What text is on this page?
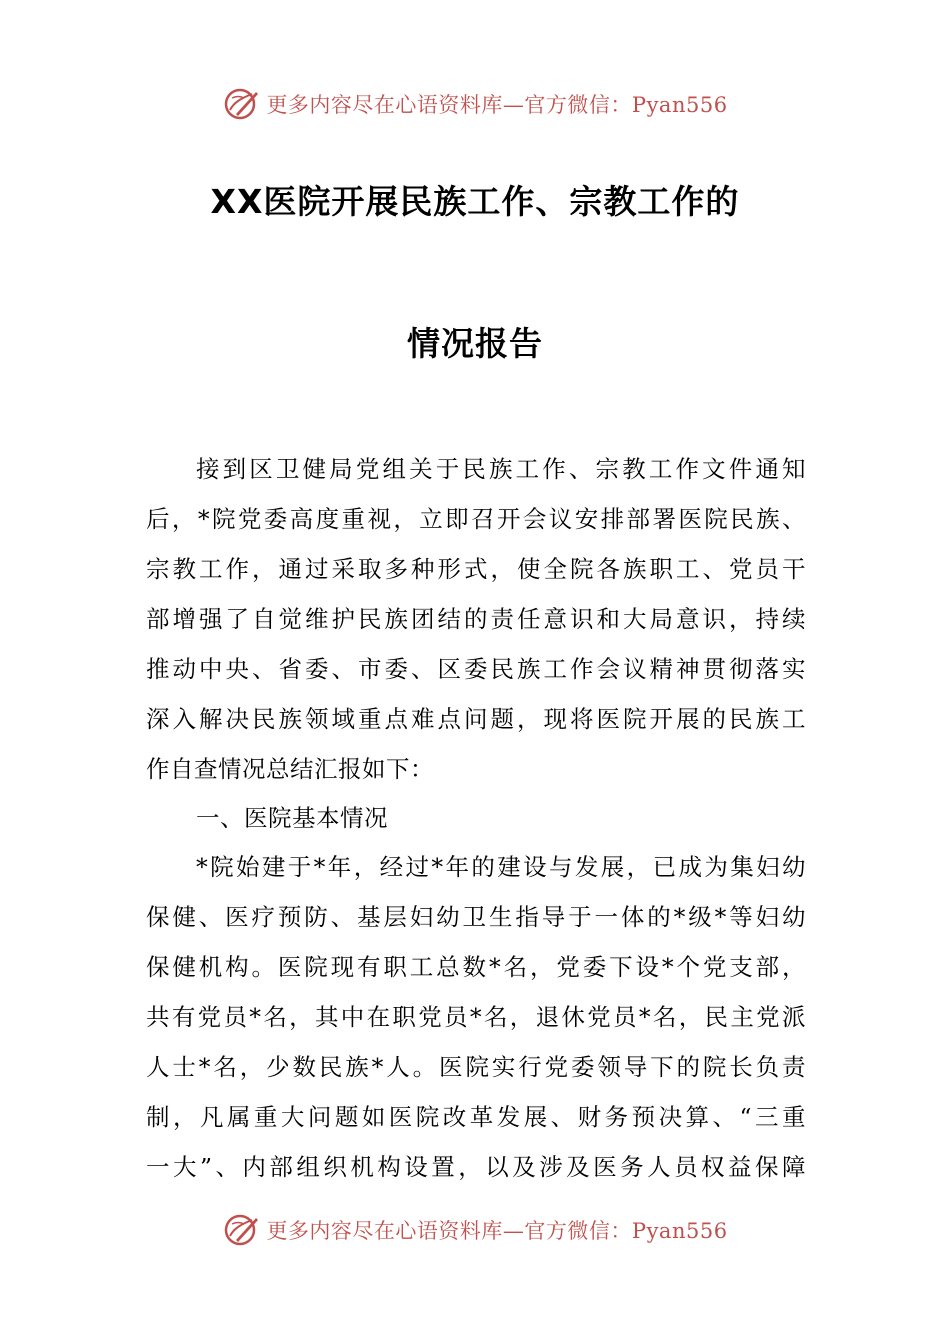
更多内容尽在心语资料库—官方微信：Pyan556
XX医院开展民族工作、宗教工作的
情况报告
接到区卫健局党组关于民族工作、宗教工作文件通知
后，*院党委高度重视，立即召开会议安排部署医院民族、
宗教工作，通过采取多种形式，使全院各族职工、党员干
部增强了自觉维护民族团结的责任意识和大局意识，持续
推动中央、省委、市委、区委民族工作会议精神贯彻落实
深入解决民族领域重点难点问题，现将医院开展的民族工
作自查情况总结汇报如下：
一、医院基本情况
*院始建于*年，经过*年的建设与发展，已成为集妇幼
保健、医疗预防、基层妇幼卫生指导于一体的*级*等妇幼
保健机构。医院现有职工总数*名，党委下设*个党支部，
共有党员*名，其中在职党员*名，退休党员*名，民主党派
人士*名，少数民族*人。医院实行党委领导下的院长负责
制，凡属重大问题如医院改革发展、财务预决算、“三重
一大”、内部组织机构设置，以及涉及医务人员权益保障
更多内容尽在心语资料库—官方微信：Pyan556
